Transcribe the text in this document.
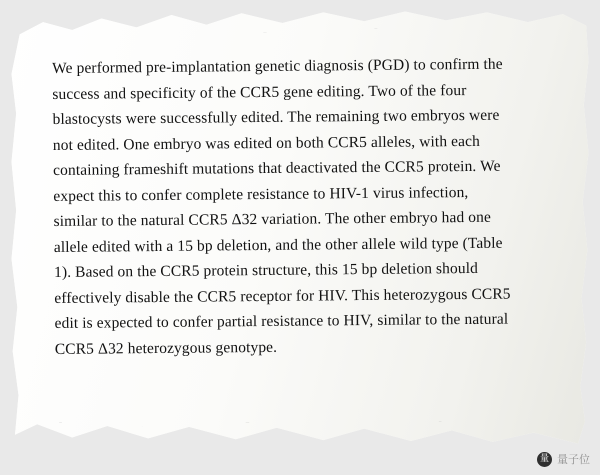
We performed pre-implantation genetic diagnosis (PGD) to confirm the success and specificity of the CCR5 gene editing. Two of the four blastocysts were successfully edited. The remaining two embryos were not edited. One embryo was edited on both CCR5 alleles, with each containing frameshift mutations that deactivated the CCR5 protein. We expect this to confer complete resistance to HIV-1 virus infection, similar to the natural CCR5 Δ32 variation. The other embryo had one allele edited with a 15 bp deletion, and the other allele wild type (Table 1). Based on the CCR5 protein structure, this 15 bp deletion should effectively disable the CCR5 receptor for HIV. This heterozygous CCR5 edit is expected to confer partial resistance to HIV, similar to the natural CCR5 Δ32 heterozygous genotype.

量 量子位
